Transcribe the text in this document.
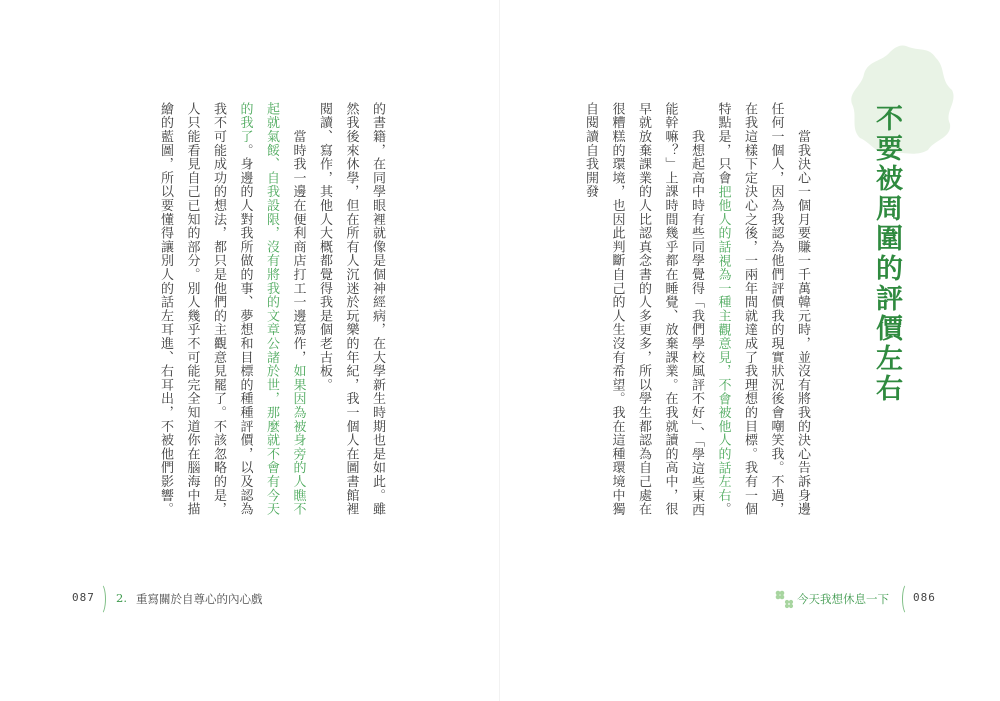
的書籍，在同學眼裡就像是個神經病，在大學新生時期也是如此。雖然我後來休學，但在所有人沉迷於玩樂的年紀，我一個人在圖書館裡閱讀、寫作，其他人大概都覺得我是個老古板。

　　當時我一邊在便利商店打工一邊寫作，如果因為被身旁的人瞧不起就氣餒、自我設限，沒有將我的文章公諸於世，那麼就不會有今天的我了。身邊的人對我所做的事、夢想和目標的種種評價，以及認為我不可能成功的想法，都只是他們的主觀意見罷了。不該忽略的是，人只能看見自己已知的部分。別人幾乎不可能完全知道你在腦海中描繪的藍圖，所以要懂得讓別人的話左耳進、右耳出，不被他們影響。

087 2. 重寫關於自尊心的內心戲
不要被周圍的評價左右

　　當我決心一個月要賺一千萬韓元時，並沒有將我的決心告訴身邊任何一個人，因為我認為他們評價我的現實狀況後會嘲笑我。不過，在我這樣下定決心之後，一兩年間就達成了我理想的目標。我有一個特點是，只會把他人的話視為一種主觀意見，不會被他人的話左右。

　　我想起高中時有些同學覺得「我們學校風評不好」、「學這些東西能幹嘛？」上課時間幾乎都在睡覺、放棄課業。在我就讀的高中，很早就放棄課業的人比認真念書的人多更多，所以學生都認為自己處在很糟糕的環境，也因此判斷自己的人生沒有希望。我在這種環境中獨自閱讀自我開發

今天我想休息一下 086
